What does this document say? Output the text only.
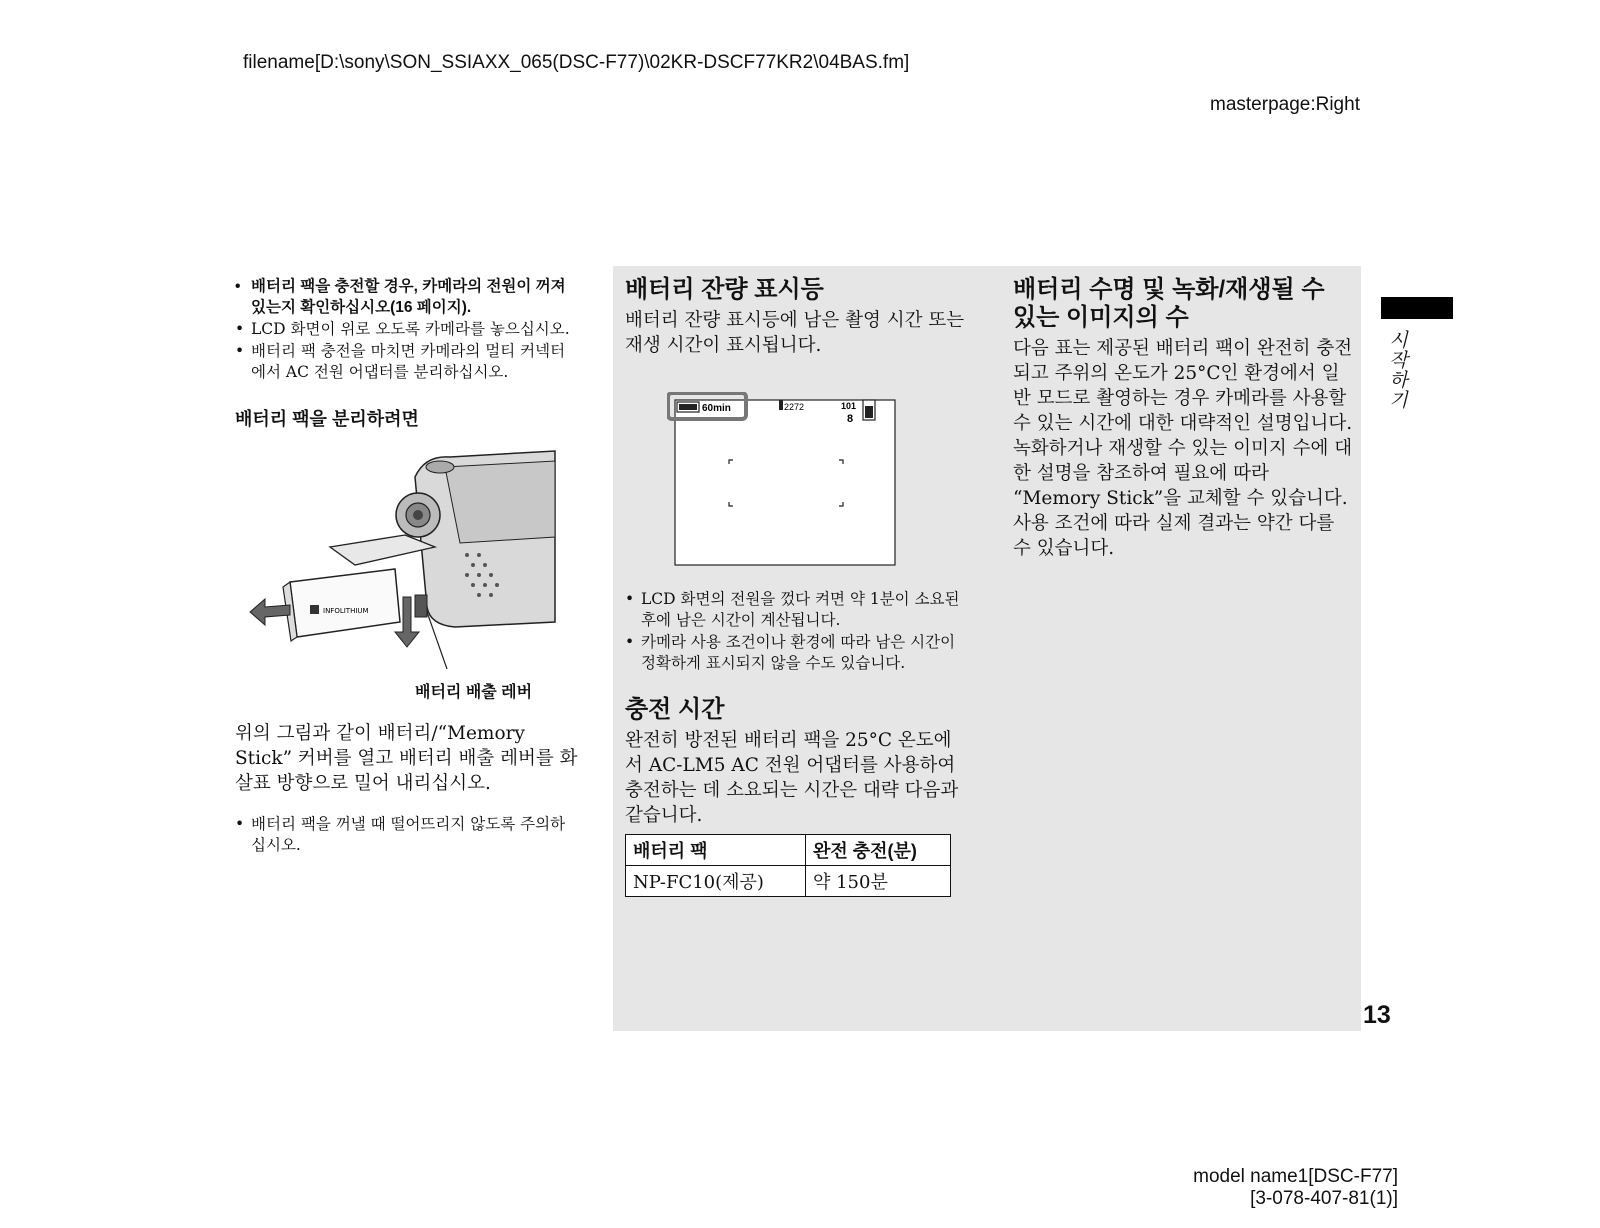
filename[D:\sony\SON_SSIAXX_065(DSC-F77)\02KR-DSCF77KR2\04BAS.fm]
masterpage:Right
시작하기
• 배터리 팩을 충전할 경우, 카메라의 전원이 꺼져 있는지 확인하십시오(16 페이지).
• LCD 화면이 위로 오도록 카메라를 놓으십시오.
• 배터리 팩 충전을 마치면 카메라의 멀티 커넥터에서 AC 전원 어댑터를 분리하십시오.
배터리 팩을 분리하려면
INFOLITHIUM
배터리 배출 레버

위의 그림과 같이 배터리/“Memory Stick” 커버를 열고 배터리 배출 레버를 화살표 방향으로 밀어 내리십시오.

• 배터리 팩을 꺼낼 때 떨어뜨리지 않도록 주의하십시오.
배터리 잔량 표시등

배터리 잔량 표시등에 남은 촬영 시간 또는 재생 시간이 표시됩니다.

60min	2272	101
8
• LCD 화면의 전원을 껐다 켜면 약 1분이 소요된 후에 남은 시간이 계산됩니다.
• 카메라 사용 조건이나 환경에 따라 남은 시간이 정확하게 표시되지 않을 수도 있습니다.
충전 시간

완전히 방전된 배터리 팩을 25°C 온도에서 AC-LM5 AC 전원 어댑터를 사용하여 충전하는 데 소요되는 시간은 대략 다음과 같습니다.

배터리 팩	완전 충전(분)
NP-FC10(제공)	약 150분
배터리 수명 및 녹화/재생될 수 있는 이미지의 수

다음 표는 제공된 배터리 팩이 완전히 충전되고 주위의 온도가 25°C인 환경에서 일반 모드로 촬영하는 경우 카메라를 사용할 수 있는 시간에 대한 대략적인 설명입니다. 녹화하거나 재생할 수 있는 이미지 수에 대한 설명을 참조하여 필요에 따라 “Memory Stick”을 교체할 수 있습니다. 사용 조건에 따라 실제 결과는 약간 다를 수 있습니다.

13
model name1[DSC-F77]
[3-078-407-81(1)]
